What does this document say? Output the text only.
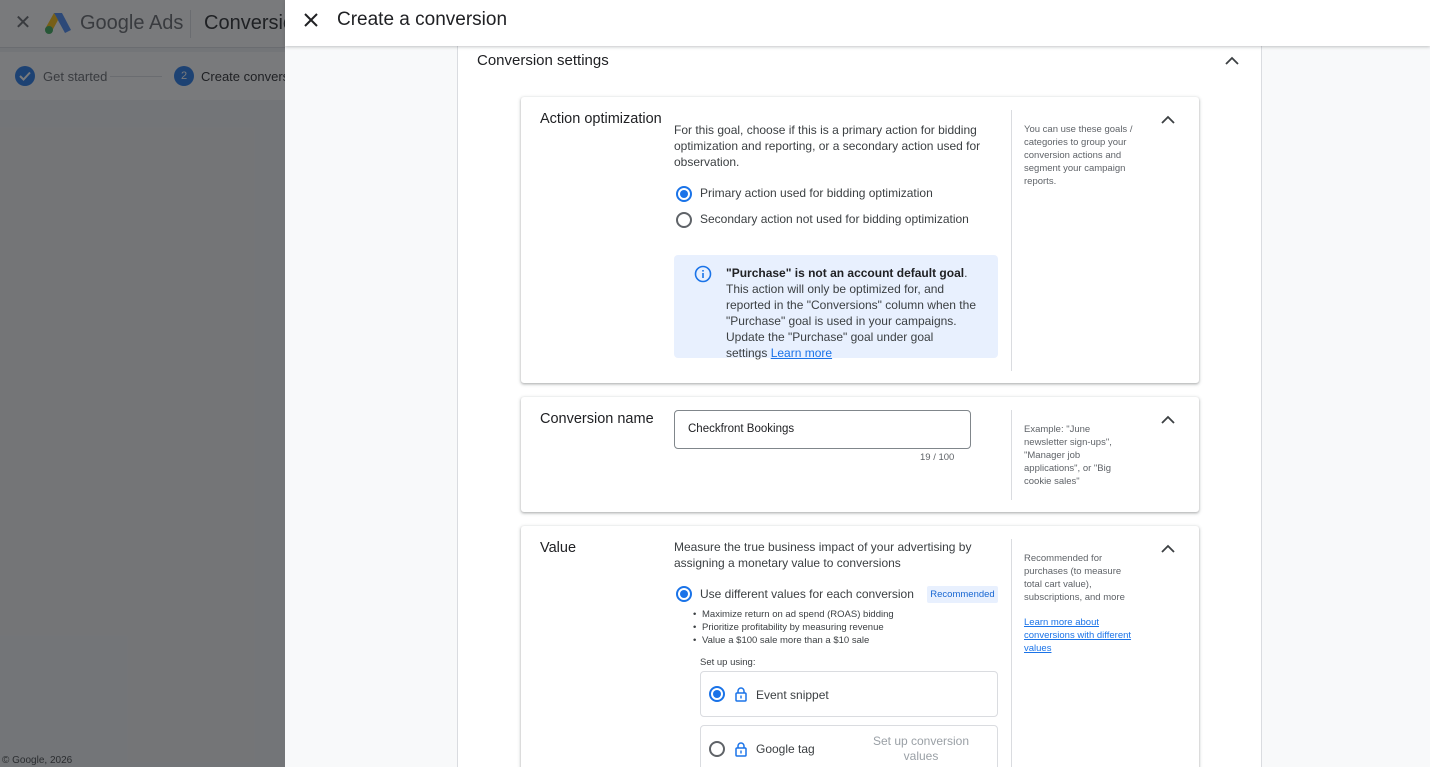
Create a conversion
Conversion settings
Action optimization
For this goal, choose if this is a primary action for bidding optimization and reporting, or a secondary action used for observation.
Primary action used for bidding optimization
Secondary action not used for bidding optimization
"Purchase" is not an account default goal. This action will only be optimized for, and reported in the "Conversions" column when the "Purchase" goal is used in your campaigns. Update the "Purchase" goal under goal settings Learn more
You can use these goals / categories to group your conversion actions and segment your campaign reports.
Conversion name
Checkfront Bookings
19 / 100
Example: "June newsletter sign-ups", "Manager job applications", or "Big cookie sales"
Value	Measure the true business impact of your advertising by assigning a monetary value to conversions
Use different values for each conversion	Recommended
• Maximize return on ad spend (ROAS) bidding
• Prioritize profitability by measuring revenue
• Value a $100 sale more than a $10 sale
Set up using:
Event snippet
Google tag
Set up conversion values
Recommended for purchases (to measure total cart value), subscriptions, and more
Learn more about conversions with different values
